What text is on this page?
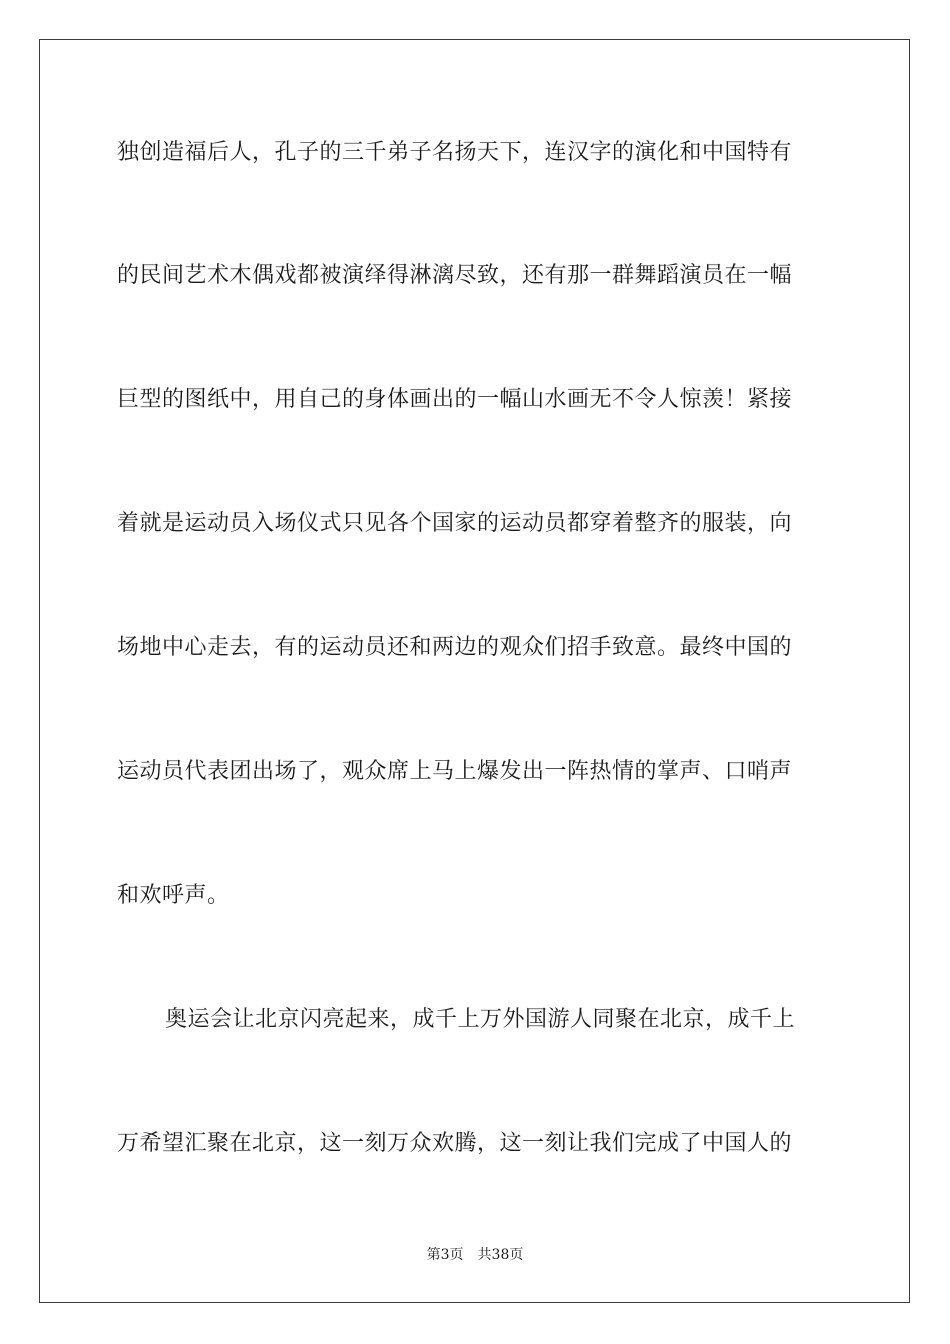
独创造福后人，孔子的三千弟子名扬天下，连汉字的演化和中国特有
的民间艺术木偶戏都被演绎得淋漓尽致，还有那一群舞蹈演员在一幅
巨型的图纸中，用自己的身体画出的一幅山水画无不令人惊羡！紧接
着就是运动员入场仪式只见各个国家的运动员都穿着整齐的服装，向
场地中心走去，有的运动员还和两边的观众们招手致意。最终中国的
运动员代表团出场了，观众席上马上爆发出一阵热情的掌声、口哨声
和欢呼声。
奥运会让北京闪亮起来，成千上万外国游人同聚在北京，成千上
万希望汇聚在北京，这一刻万众欢腾，这一刻让我们完成了中国人的
第3页 共38页
